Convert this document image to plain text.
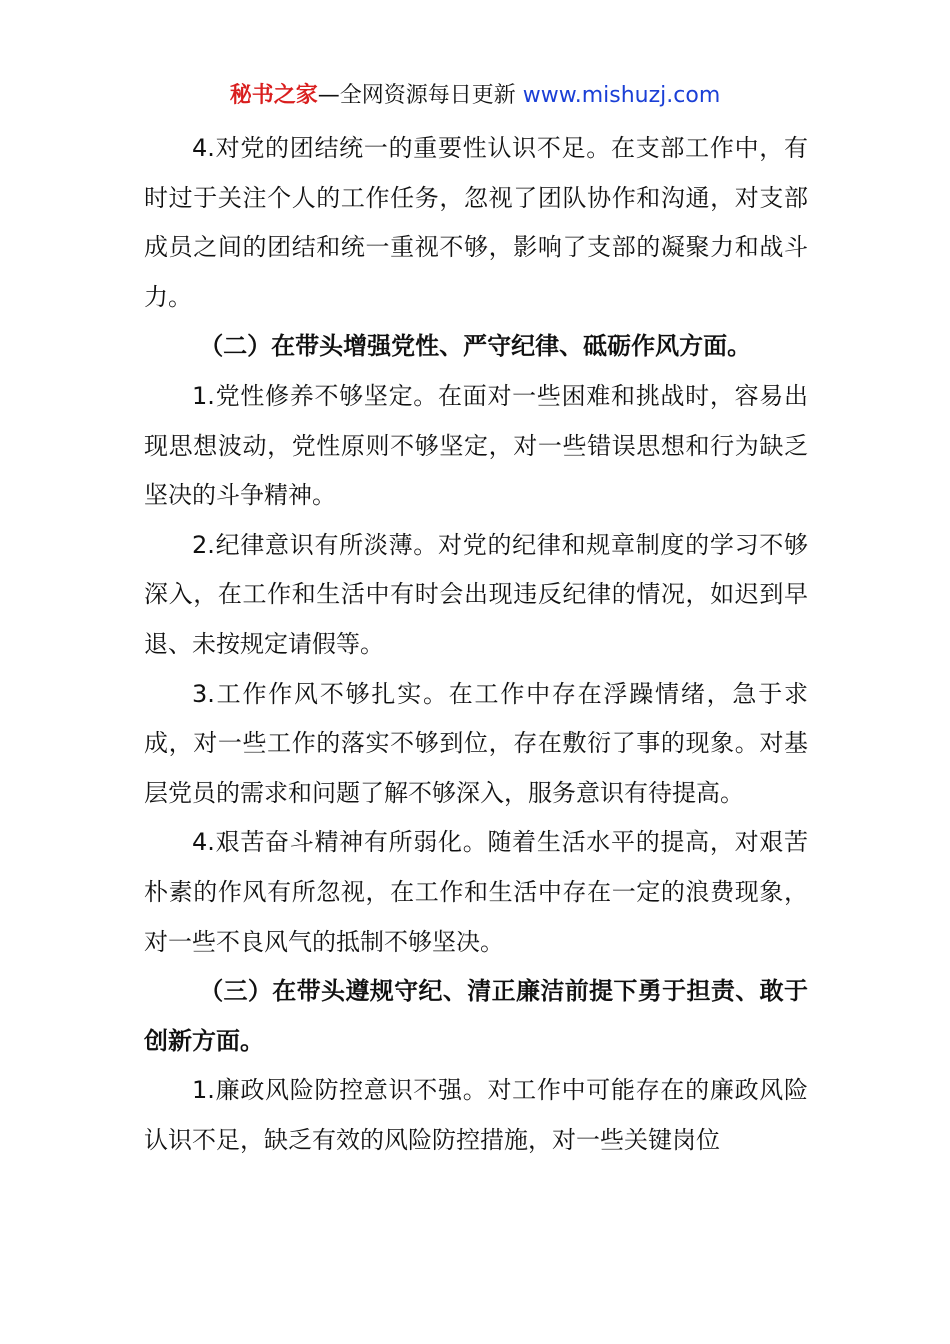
秘书之家—全网资源每日更新 www.mishuzj.com

4.对党的团结统一的重要性认识不足。在支部工作中，有时过于关注个人的工作任务，忽视了团队协作和沟通，对支部成员之间的团结和统一重视不够，影响了支部的凝聚力和战斗力。

（二）在带头增强党性、严守纪律、砥砺作风方面。

1.党性修养不够坚定。在面对一些困难和挑战时，容易出现思想波动，党性原则不够坚定，对一些错误思想和行为缺乏坚决的斗争精神。

2.纪律意识有所淡薄。对党的纪律和规章制度的学习不够深入，在工作和生活中有时会出现违反纪律的情况，如迟到早退、未按规定请假等。

3.工作作风不够扎实。在工作中存在浮躁情绪，急于求成，对一些工作的落实不够到位，存在敷衍了事的现象。对基层党员的需求和问题了解不够深入，服务意识有待提高。

4.艰苦奋斗精神有所弱化。随着生活水平的提高，对艰苦朴素的作风有所忽视，在工作和生活中存在一定的浪费现象，对一些不良风气的抵制不够坚决。

（三）在带头遵规守纪、清正廉洁前提下勇于担责、敢于创新方面。

1.廉政风险防控意识不强。对工作中可能存在的廉政风险认识不足，缺乏有效的风险防控措施，对一些关键岗位
